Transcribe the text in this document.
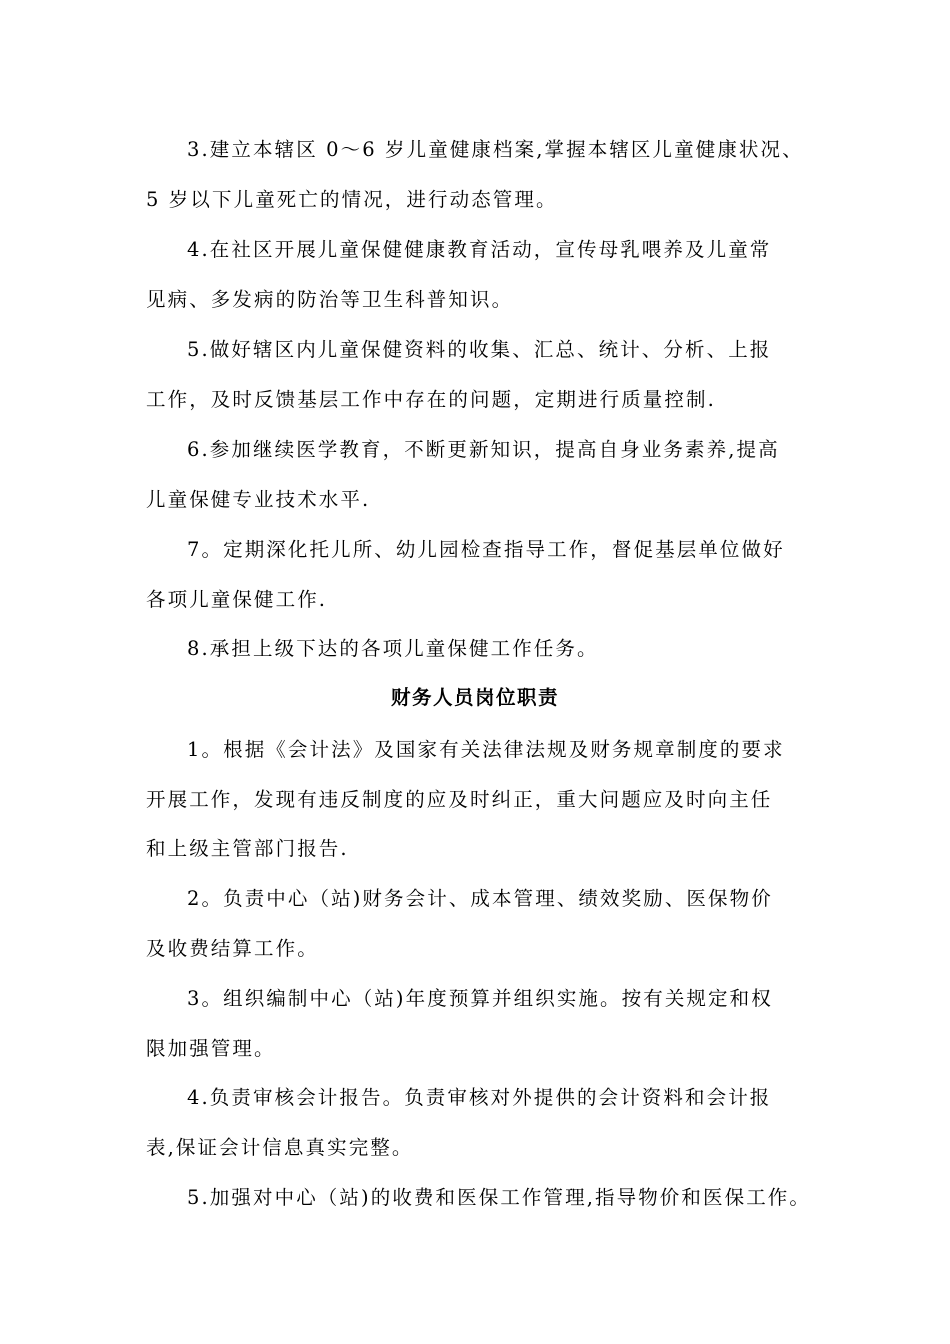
3.建立本辖区 0～6 岁儿童健康档案,掌握本辖区儿童健康状况、
5 岁以下儿童死亡的情况，进行动态管理。
4.在社区开展儿童保健健康教育活动，宣传母乳喂养及儿童常
见病、多发病的防治等卫生科普知识。
5.做好辖区内儿童保健资料的收集、汇总、统计、分析、上报
工作，及时反馈基层工作中存在的问题，定期进行质量控制.
6.参加继续医学教育，不断更新知识，提高自身业务素养,提高
儿童保健专业技术水平.
7。定期深化托儿所、幼儿园检查指导工作，督促基层单位做好
各项儿童保健工作.
8.承担上级下达的各项儿童保健工作任务。
财务人员岗位职责
1。根据《会计法》及国家有关法律法规及财务规章制度的要求
开展工作，发现有违反制度的应及时纠正，重大问题应及时向主任
和上级主管部门报告.
2。负责中心（站)财务会计、成本管理、绩效奖励、医保物价
及收费结算工作。
3。组织编制中心（站)年度预算并组织实施。按有关规定和权
限加强管理。
4.负责审核会计报告。负责审核对外提供的会计资料和会计报
表,保证会计信息真实完整。
5.加强对中心（站)的收费和医保工作管理,指导物价和医保工作。
